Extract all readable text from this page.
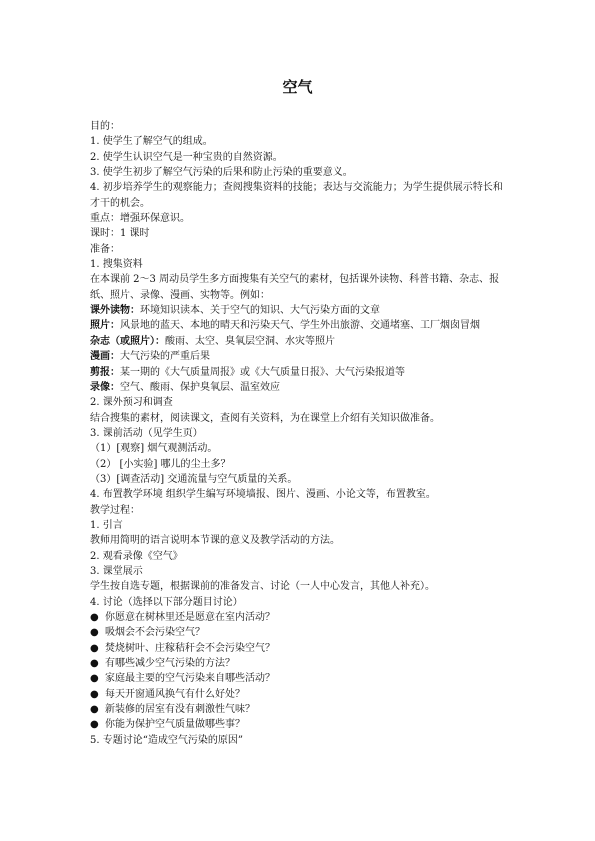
空气
目的：
1. 使学生了解空气的组成。
2. 使学生认识空气是一种宝贵的自然资源。
3. 使学生初步了解空气污染的后果和防止污染的重要意义。
4. 初步培养学生的观察能力；查阅搜集资料的技能；表达与交流能力；为学生提供展示特长和才干的机会。
重点：增强环保意识。
课时：1 课时
准备：
1. 搜集资料
在本课前 2～3 周动员学生多方面搜集有关空气的素材，包括课外读物、科普书籍、杂志、报纸、照片、录像、漫画、实物等。例如：
课外读物：环境知识读本、关于空气的知识、大气污染方面的文章
照片：风景地的蓝天、本地的晴天和污染天气、学生外出旅游、交通堵塞、工厂烟囱冒烟
杂志（或照片）：酸雨、太空、臭氧层空洞、水灾等照片
漫画：大气污染的严重后果
剪报：某一期的《大气质量周报》或《大气质量日报》、大气污染报道等
录像：空气、酸雨、保护臭氧层、温室效应
2. 课外预习和调查
结合搜集的素材，阅读课文，查阅有关资料，为在课堂上介绍有关知识做准备。
3. 课前活动（见学生页）
（1）[观察] 烟气观测活动。
（2） [小实验] 哪儿的尘土多？
（3）[调查活动] 交通流量与空气质量的关系。
4. 布置教学环境 组织学生编写环境墙报、图片、漫画、小论文等，布置教室。
教学过程：
1. 引言
教师用简明的语言说明本节课的意义及教学活动的方法。
2. 观看录像《空气》
3. 课堂展示
学生按自选专题，根据课前的准备发言、讨论（一人中心发言，其他人补充）。
4. 讨论（选择以下部分题目讨论）
● 你愿意在树林里还是愿意在室内活动？
● 吸烟会不会污染空气？
● 焚烧树叶、庄稼秸秆会不会污染空气？
● 有哪些减少空气污染的方法？
● 家庭最主要的空气污染来自哪些活动？
● 每天开窗通风换气有什么好处？
● 新装修的居室有没有刺激性气味？
● 你能为保护空气质量做哪些事？
5. 专题讨论“造成空气污染的原因”
